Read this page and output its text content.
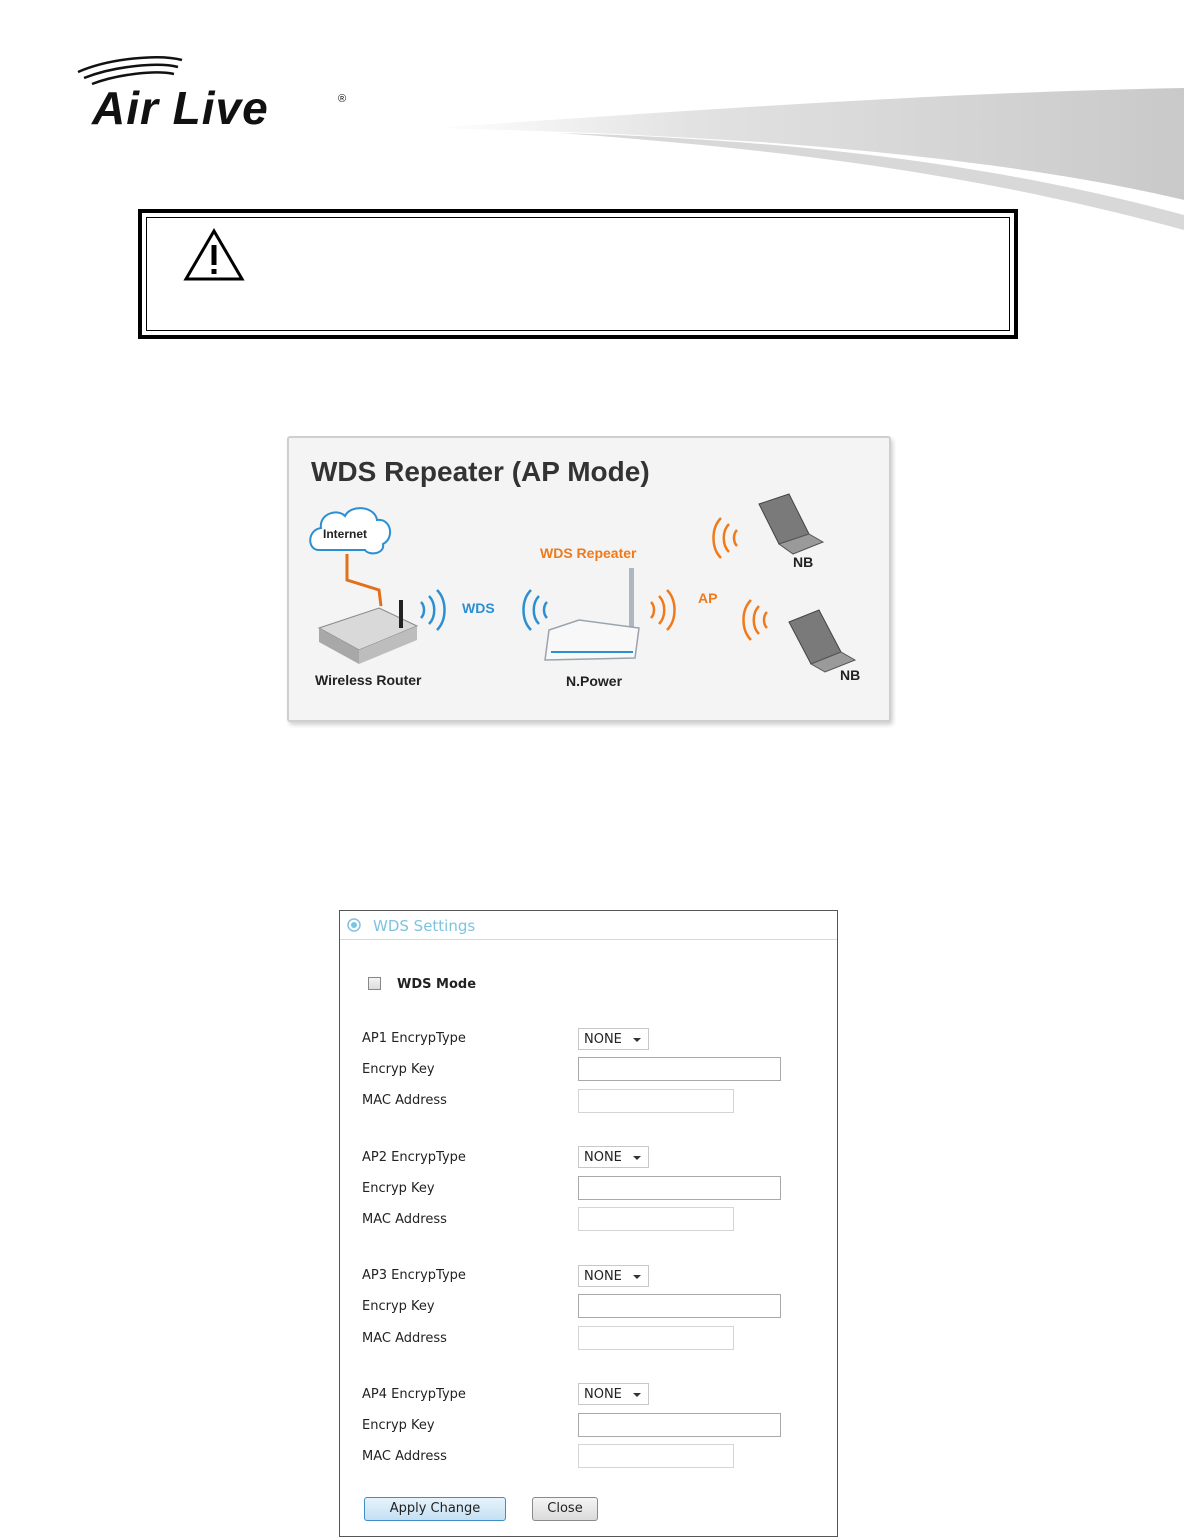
Air Live	®
WDS Repeater (AP Mode)
Internet
WDS Repeater
WDS
AP
NB
NB
Wireless Router	N.Power
WDS Settings
WDS Mode
AP1 EncrypType	NONE
Encryp Key
MAC Address
AP2 EncrypType	NONE
Encryp Key
MAC Address
AP3 EncrypType	NONE
Encryp Key
MAC Address
AP4 EncrypType	NONE
Encryp Key
MAC Address
Apply Change	Close
